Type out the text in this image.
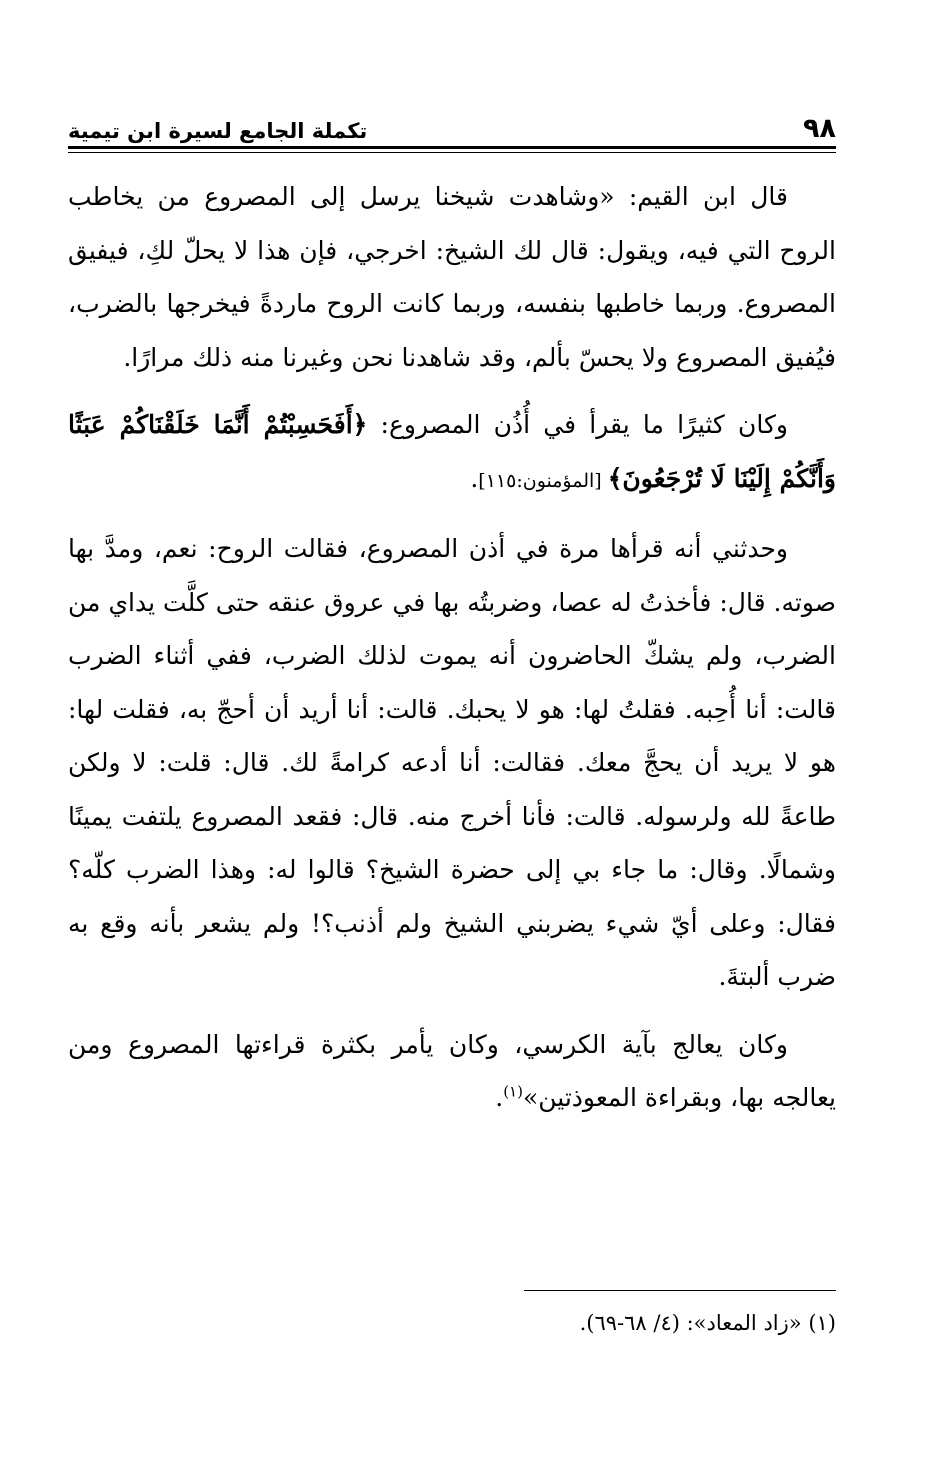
٩٨
تكملة الجامع لسيرة ابن تيمية

قال ابن القيم: «وشاهدت شيخنا يرسل إلى المصروع من يخاطب الروح التي فيه، ويقول: قال لك الشيخ: اخرجي، فإن هذا لا يحلّ لكِ، فيفيق المصروع. وربما خاطبها بنفسه، وربما كانت الروح ماردةً فيخرجها بالضرب، فيُفيق المصروع ولا يحسّ بألم، وقد شاهدنا نحن وغيرنا منه ذلك مرارًا.

وكان كثيرًا ما يقرأ في أُذُن المصروع: ﴿أَفَحَسِبْتُمْ أَنَّمَا خَلَقْنَاكُمْ عَبَثًا وَأَنَّكُمْ إِلَيْنَا لَا تُرْجَعُونَ﴾ [المؤمنون:١١٥].

وحدثني أنه قرأها مرة في أذن المصروع، فقالت الروح: نعم، ومدَّ بها صوته. قال: فأخذتُ له عصا، وضربتُه بها في عروق عنقه حتى كلَّت يداي من الضرب، ولم يشكّ الحاضرون أنه يموت لذلك الضرب، ففي أثناء الضرب قالت: أنا أُحِبه. فقلتُ لها: هو لا يحبك. قالت: أنا أريد أن أحجّ به، فقلت لها: هو لا يريد أن يحجَّ معك. فقالت: أنا أدعه كرامةً لك. قال: قلت: لا ولكن طاعةً لله ولرسوله. قالت: فأنا أخرج منه. قال: فقعد المصروع يلتفت يمينًا وشمالًا. وقال: ما جاء بي إلى حضرة الشيخ؟ قالوا له: وهذا الضرب كلّه؟ فقال: وعلى أيّ شيء يضربني الشيخ ولم أذنب؟! ولم يشعر بأنه وقع به ضرب ألبتةَ.

وكان يعالج بآية الكرسي، وكان يأمر بكثرة قراءتها المصروع ومن يعالجه بها، وبقراءة المعوذتين»$^{(١)}$.

(١) «زاد المعاد»: (٤/ ٦٨-٦٩).
